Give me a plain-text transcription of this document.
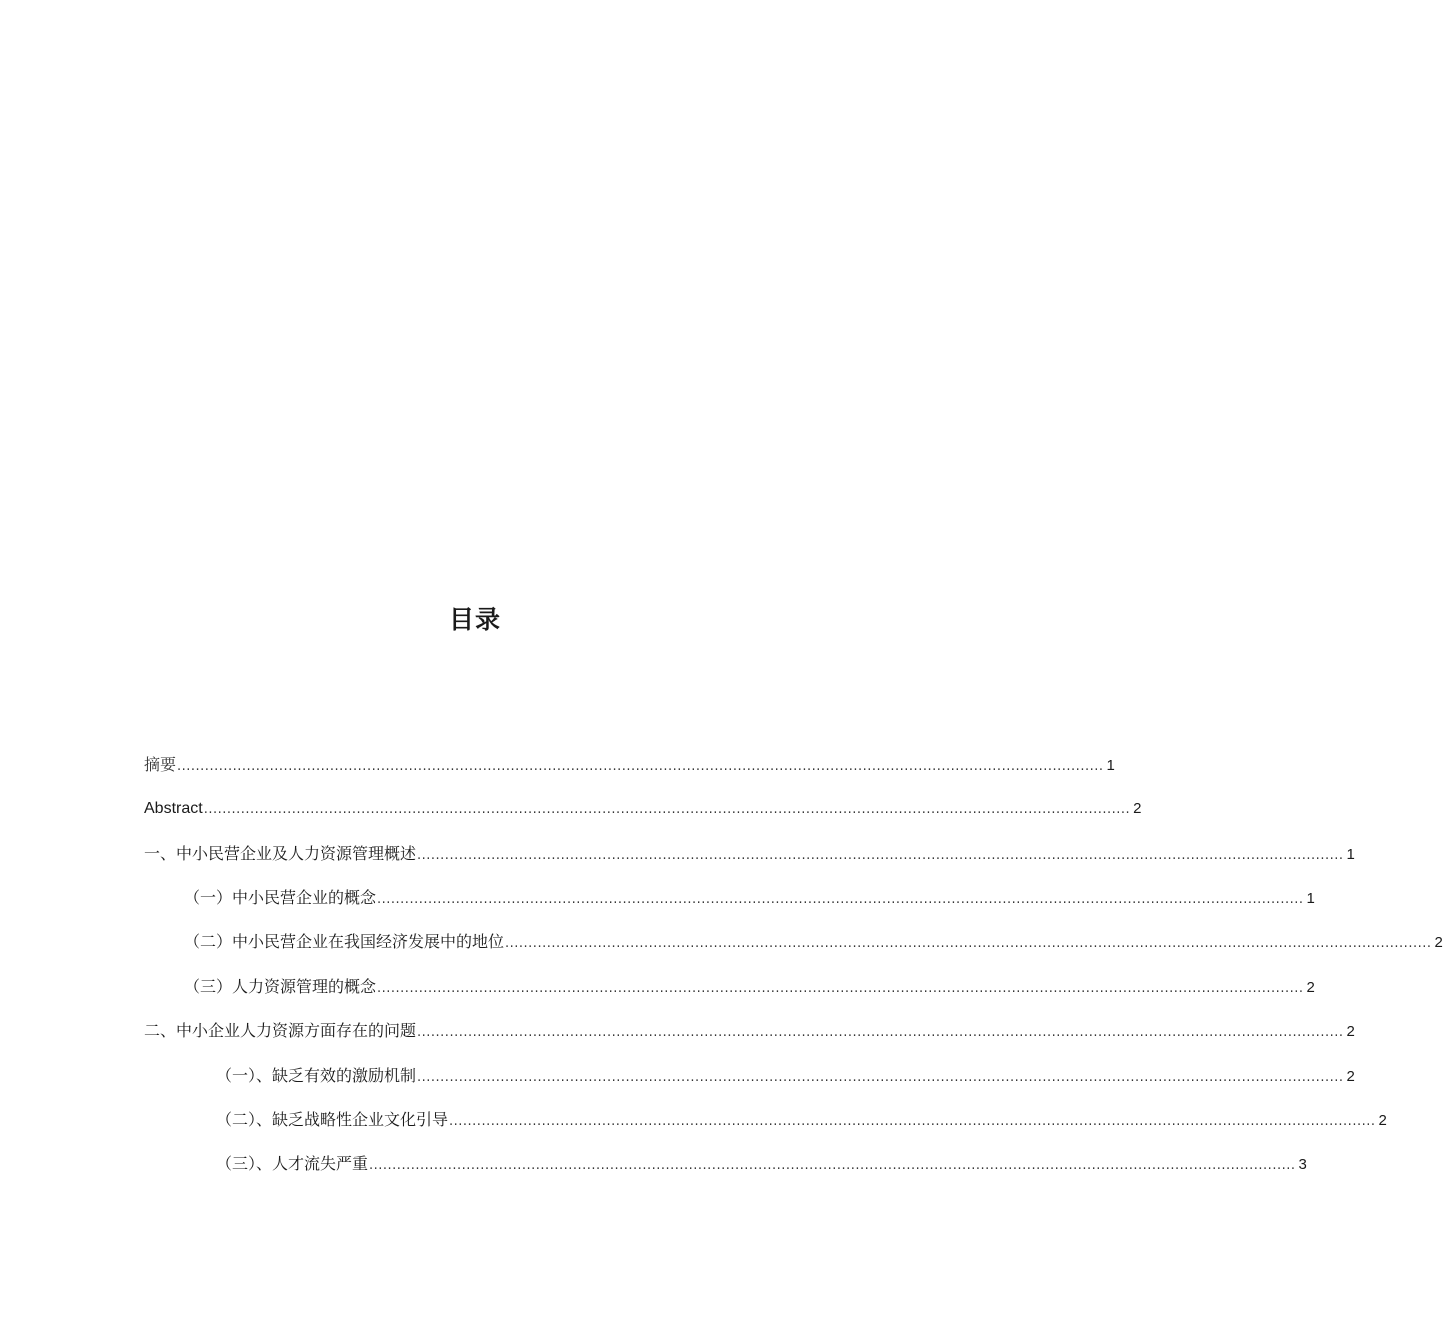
目录
摘要 ........................................................................................................................................................................................................ 1
Abstract ........................................................................................................................................................................................................ 2
一、中小民营企业及人力资源管理概述 ........................................................................................................................................................................................................ 1
（一）中小民营企业的概念 ........................................................................................................................................................................................................ 1
（二）中小民营企业在我国经济发展中的地位 ........................................................................................................................................................................................................ 2
（三）人力资源管理的概念 ........................................................................................................................................................................................................ 2
二、中小企业人力资源方面存在的问题 ........................................................................................................................................................................................................ 2
（一）、缺乏有效的激励机制 ........................................................................................................................................................................................................ 2
（二）、缺乏战略性企业文化引导 ........................................................................................................................................................................................................ 2
（三）、人才流失严重 ........................................................................................................................................................................................................ 3
